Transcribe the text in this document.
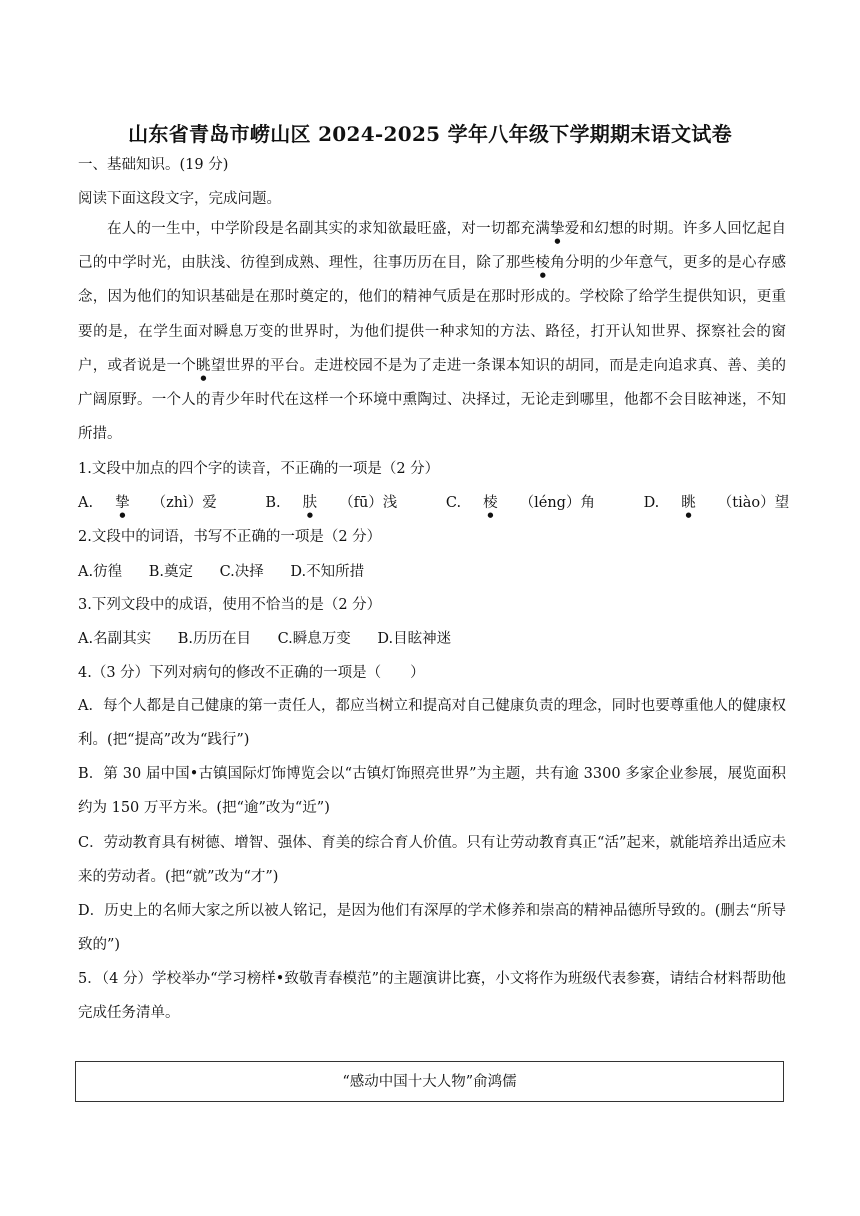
山东省青岛市崂山区 2024-2025 学年八年级下学期期末语文试卷
一、基础知识。(19 分)
阅读下面这段文字，完成问题。
在人的一生中，中学阶段是名副其实的求知欲最旺盛，对一切都充满挚爱和幻想的时期。许多人回忆起自己的中学时光，由肤浅、彷徨到成熟、理性，往事历历在目，除了那些棱角分明的少年意气，更多的是心存感念，因为他们的知识基础是在那时奠定的，他们的精神气质是在那时形成的。学校除了给学生提供知识，更重要的是，在学生面对瞬息万变的世界时，为他们提供一种求知的方法、路径，打开认知世界、探察社会的窗户，或者说是一个眺望世界的平台。走进校园不是为了走进一条课本知识的胡同，而是走向追求真、善、美的广阔原野。一个人的青少年时代在这样一个环境中熏陶过、决择过，无论走到哪里，他都不会目眩神迷，不知所措。
1.文段中加点的四个字的读音，不正确的一项是（2 分）
A. 挚 （zhì）爱	B. 肤 （fū）浅	C. 棱 （léng）角	D. 眺 （tiào）望
2.文段中的词语，书写不正确的一项是（2 分）
A.彷徨 B.奠定 C.决择 D.不知所措
3.下列文段中的成语，使用不恰当的是（2 分）
A.名副其实 B.历历在目 C.瞬息万变 D.目眩神迷
4.（3 分）下列对病句的修改不正确的一项是（　　）
A．每个人都是自己健康的第一责任人，都应当树立和提高对自己健康负责的理念，同时也要尊重他人的健康权利。(把“提高”改为“践行”)
B．第 30 届中国•古镇国际灯饰博览会以“古镇灯饰照亮世界”为主题，共有逾 3300 多家企业参展，展览面积约为 150 万平方米。(把“逾”改为“近”)
C．劳动教育具有树德、增智、强体、育美的综合育人价值。只有让劳动教育真正“活”起来，就能培养出适应未来的劳动者。(把“就”改为“才”)
D．历史上的名师大家之所以被人铭记，是因为他们有深厚的学术修养和崇高的精神品德所导致的。(删去“所导致的”)
5．（4 分）学校举办“学习榜样•致敬青春模范”的主题演讲比赛，小文将作为班级代表参赛，请结合材料帮助他完成任务清单。
“感动中国十大人物”俞鸿儒
